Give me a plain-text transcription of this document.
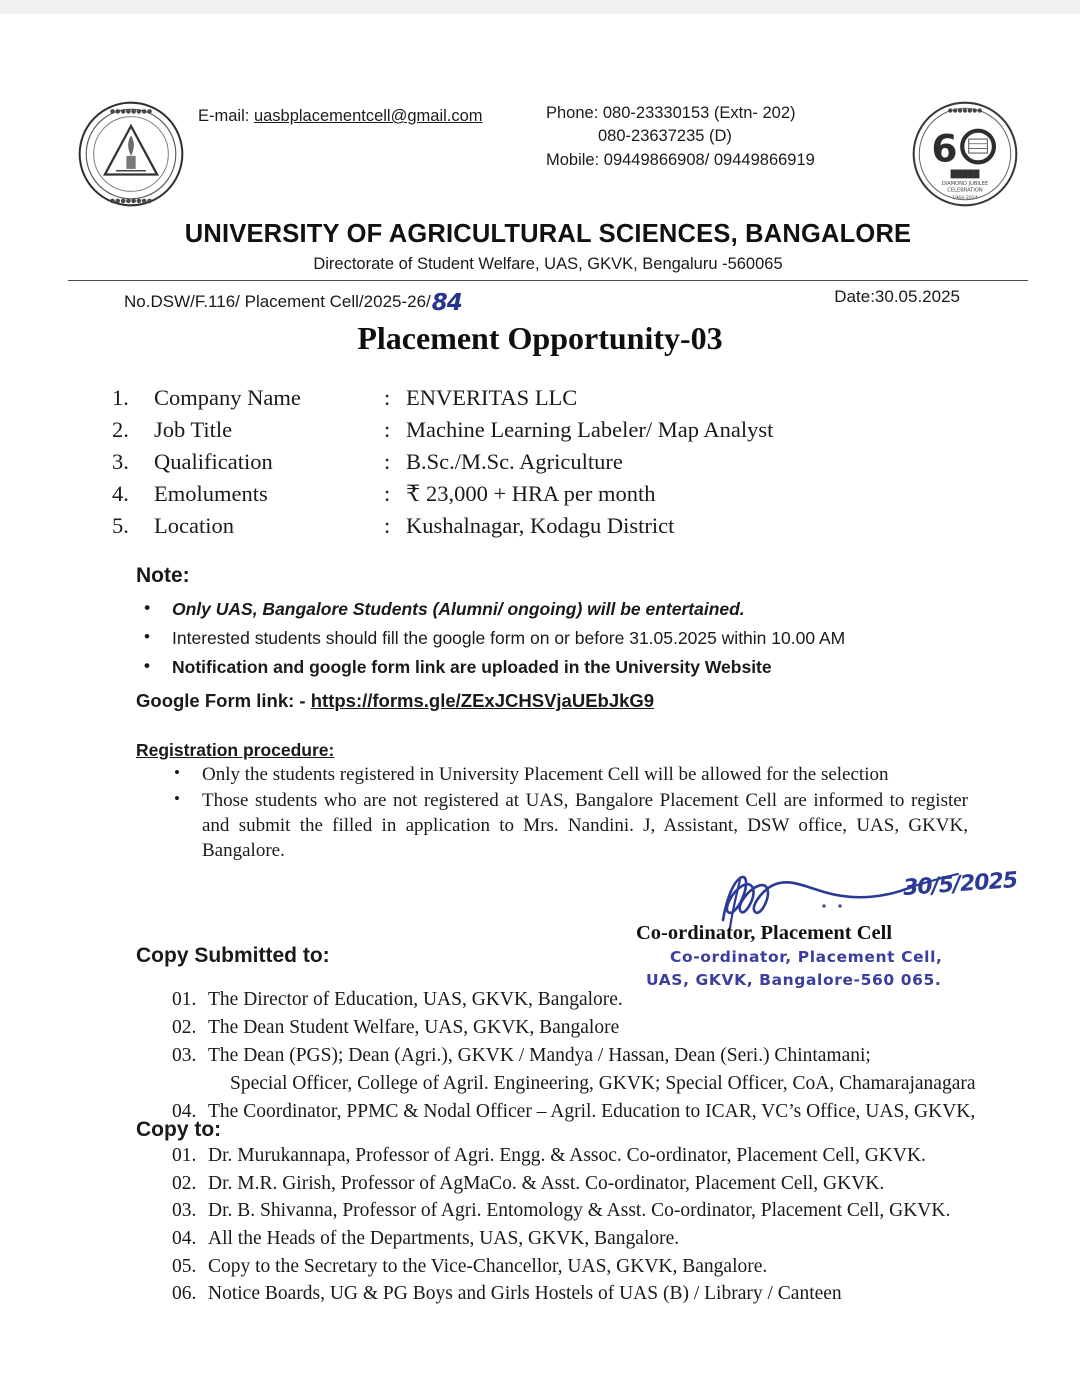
●●●●●●●●
●●●●●●●●
E-mail: uasbplacementcell@gmail.com	Phone: 080-23330153 (Extn- 202)
080-23637235 (D)
Mobile: 09449866908/ 09449866919	6
█████
DIAMOND JUBILEE
CELEBRATION
1964-2024
●●●●●●●
UNIVERSITY OF AGRICULTURAL SCIENCES, BANGALORE
Directorate of Student Welfare, UAS, GKVK, Bengaluru -560065
No.DSW/F.116/ Placement Cell/2025-26/84	Date:30.05.2025
Placement Opportunity-03
1.	Company Name	: ENVERITAS LLC
2.	Job Title	: Machine Learning Labeler/ Map Analyst
3.	Qualification	: B.Sc./M.Sc. Agriculture
4.	Emoluments	: ₹ 23,000 + HRA per month
5.	Location	: Kushalnagar, Kodagu District
Note:
• Only UAS, Bangalore Students (Alumni/ ongoing) will be entertained.
• Interested students should fill the google form on or before 31.05.2025 within 10.00 AM
• Notification and google form link are uploaded in the University Website
Google Form link: - https://forms.gle/ZExJCHSVjaUEbJkG9
Registration procedure:
• Only the students registered in University Placement Cell will be allowed for the selection
• Those students who are not registered at UAS, Bangalore Placement Cell are informed to register and submit the filled in application to Mrs. Nandini. J, Assistant, DSW office, UAS, GKVK, Bangalore.
30/5/2025
Co-ordinator, Placement Cell
Co-ordinator, Placement Cell,
UAS, GKVK, Bangalore-560 065.
Copy Submitted to:
01. The Director of Education, UAS, GKVK, Bangalore.
02. The Dean Student Welfare, UAS, GKVK, Bangalore
03. The Dean (PGS); Dean (Agri.), GKVK / Mandya / Hassan, Dean (Seri.) Chintamani;
Special Officer, College of Agril. Engineering, GKVK; Special Officer, CoA, Chamarajanagara
04. The Coordinator, PPMC & Nodal Officer – Agril. Education to ICAR, VC’s Office, UAS, GKVK,
Copy to:
01. Dr. Murukannapa, Professor of Agri. Engg. & Assoc. Co-ordinator, Placement Cell, GKVK.
02. Dr. M.R. Girish, Professor of AgMaCo. & Asst. Co-ordinator, Placement Cell, GKVK.
03. Dr. B. Shivanna, Professor of Agri. Entomology & Asst. Co-ordinator, Placement Cell, GKVK.
04. All the Heads of the Departments, UAS, GKVK, Bangalore.
05. Copy to the Secretary to the Vice-Chancellor, UAS, GKVK, Bangalore.
06. Notice Boards, UG & PG Boys and Girls Hostels of UAS (B) / Library / Canteen
